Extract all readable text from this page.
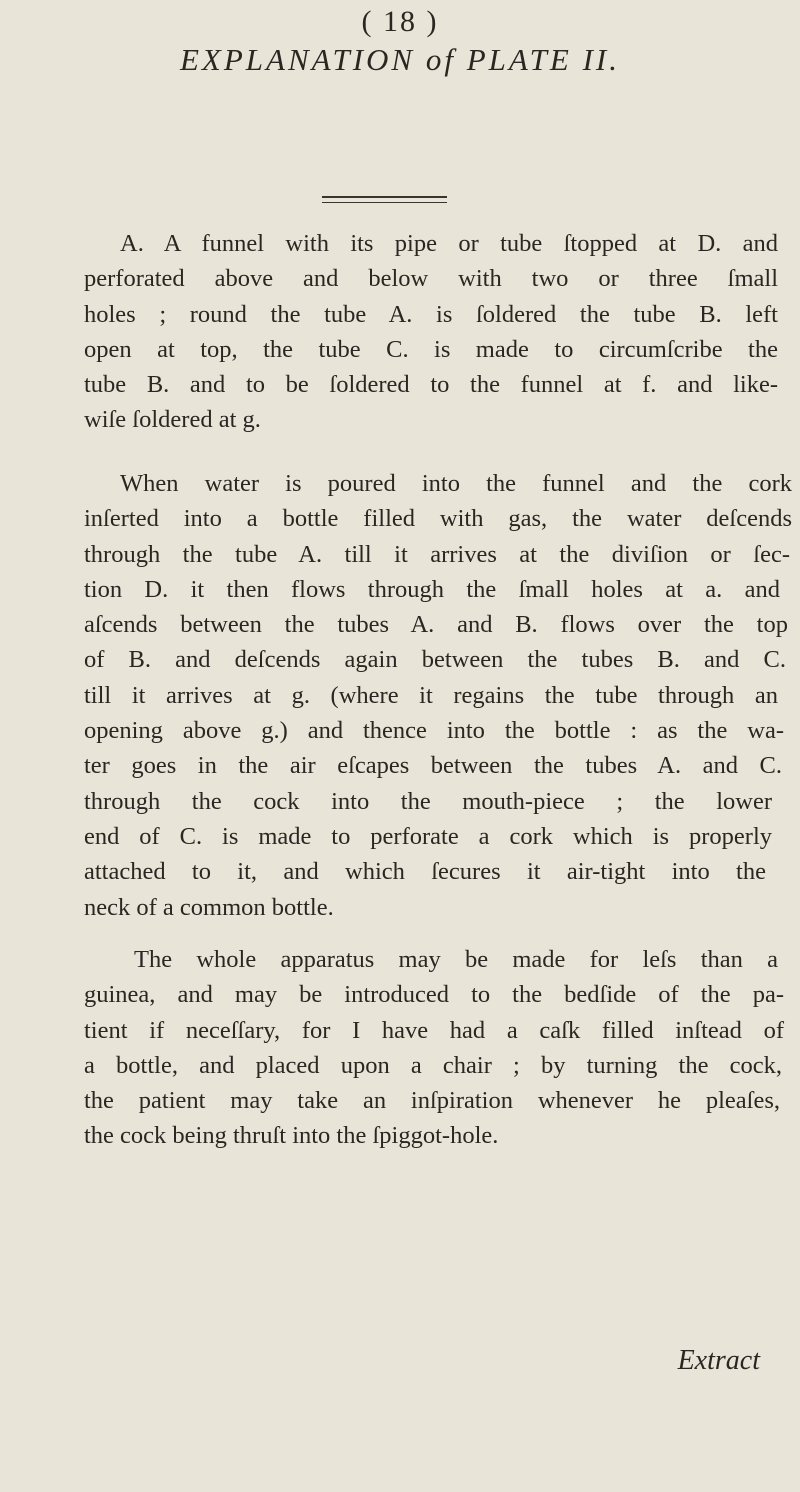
( 18 )
EXPLANATION of PLATE II.

A. A funnel with its pipe or tube ſtopped at D. and
perforated above and below with two or three ſmall
holes ; round the tube A. is ſoldered the tube B. left
open at top, the tube C. is made to circumſcribe the
tube B. and to be ſoldered to the funnel at f. and like-
wiſe ſoldered at g.

When water is poured into the funnel and the cork
inſerted into a bottle filled with gas, the water deſcends
through the tube A. till it arrives at the diviſion or ſec-
tion D. it then flows through the ſmall holes at a. and
aſcends between the tubes A. and B. flows over the top
of B. and deſcends again between the tubes B. and C.
till it arrives at g. (where it regains the tube through an
opening above g.) and thence into the bottle : as the wa-
ter goes in the air eſcapes between the tubes A. and C.
through the cock into the mouth-piece ; the lower
end of C. is made to perforate a cork which is properly
attached to it, and which ſecures it air-tight into the
neck of a common bottle.

The whole apparatus may be made for leſs than a
guinea, and may be introduced to the bedſide of the pa-
tient if neceſſary, for I have had a caſk filled inſtead of
a bottle, and placed upon a chair ; by turning the cock,
the patient may take an inſpiration whenever he pleaſes,
the cock being thruſt into the ſpiggot-hole.

Extract
